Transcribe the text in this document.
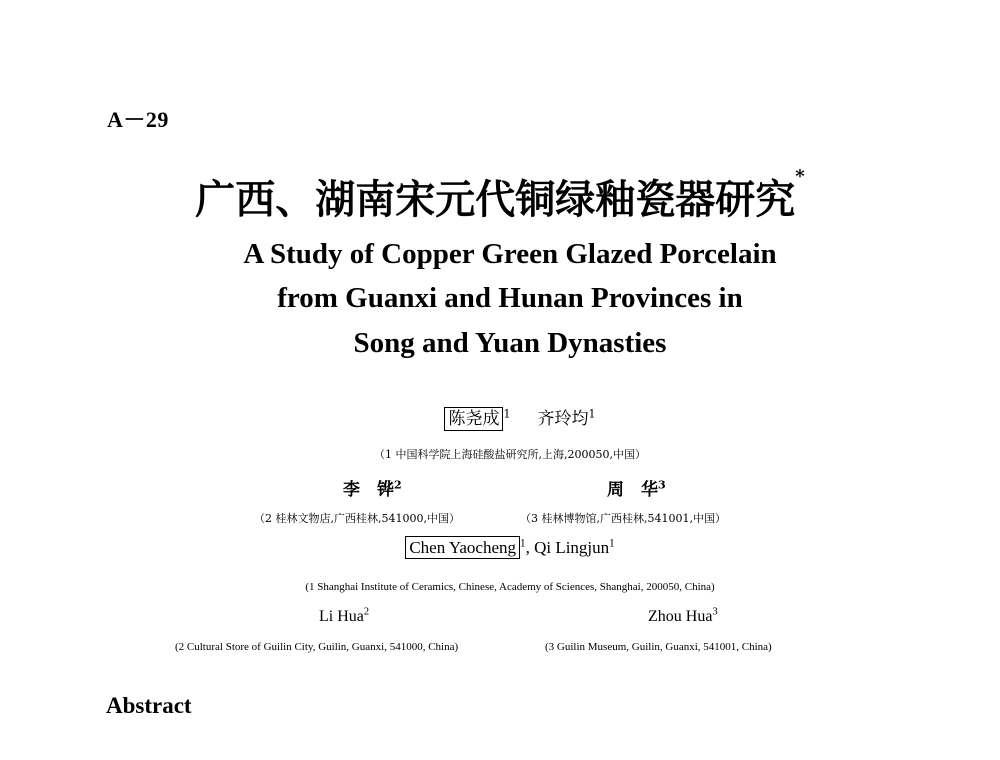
A－29
广西、湖南宋元代铜绿釉瓷器研究*
A Study of Copper Green Glazed Porcelain
from Guanxi and Hunan Provinces in
Song and Yuan Dynasties
陈尧成 $^1$ 齐玲均$^1$
（1 中国科学院上海硅酸盐研究所,上海,200050,中国）
李　铧$^2$	周　华$^3$
（2 桂林文物店,广西桂林,541000,中国）	（3 桂林博物馆,广西桂林,541001,中国）
Chen Yaocheng $^1$, Qi Lingjun$^1$
(1 Shanghai Institute of Ceramics, Chinese, Academy of Sciences, Shanghai, 200050, China)
Li Hua$^2$	Zhou Hua$^3$
(2 Cultural Store of Guilin City, Guilin, Guanxi, 541000, China)	(3 Guilin Museum, Guilin, Guanxi, 541001, China)
Abstract
